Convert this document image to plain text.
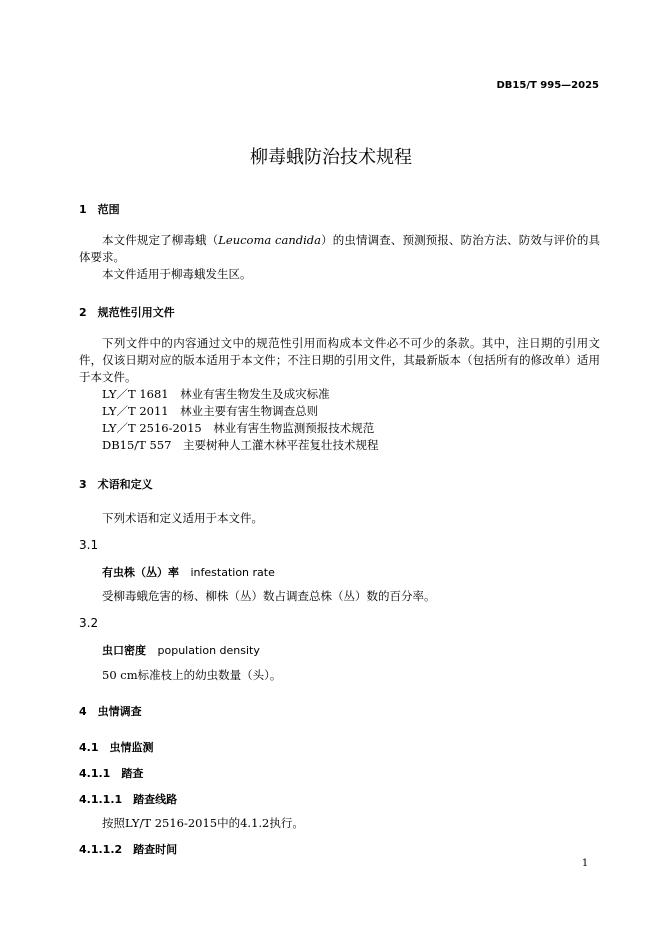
DB15/T 995—2025
柳毒蛾防治技术规程
1　范围
本文件规定了柳毒蛾（Leucoma candida）的虫情调查、预测预报、防治方法、防效与评价的具体要求。
本文件适用于柳毒蛾发生区。
2　规范性引用文件
下列文件中的内容通过文中的规范性引用而构成本文件必不可少的条款。其中，注日期的引用文件，仅该日期对应的版本适用于本文件；不注日期的引用文件，其最新版本（包括所有的修改单）适用于本文件。
LY／T 1681　林业有害生物发生及成灾标准
LY／T 2011　林业主要有害生物调查总则
LY／T 2516-2015　林业有害生物监测预报技术规范
DB15/T 557　主要树种人工灌木林平茬复壮技术规程
3　术语和定义
下列术语和定义适用于本文件。
3.1
有虫株（丛）率 infestation rate
受柳毒蛾危害的杨、柳株（丛）数占调查总株（丛）数的百分率。
3.2
虫口密度 population density
50 cm标准枝上的幼虫数量（头）。
4　虫情调查
4.1　虫情监测
4.1.1　踏查
4.1.1.1　踏查线路
按照LY/T 2516-2015中的4.1.2执行。
4.1.1.2　踏查时间
1
